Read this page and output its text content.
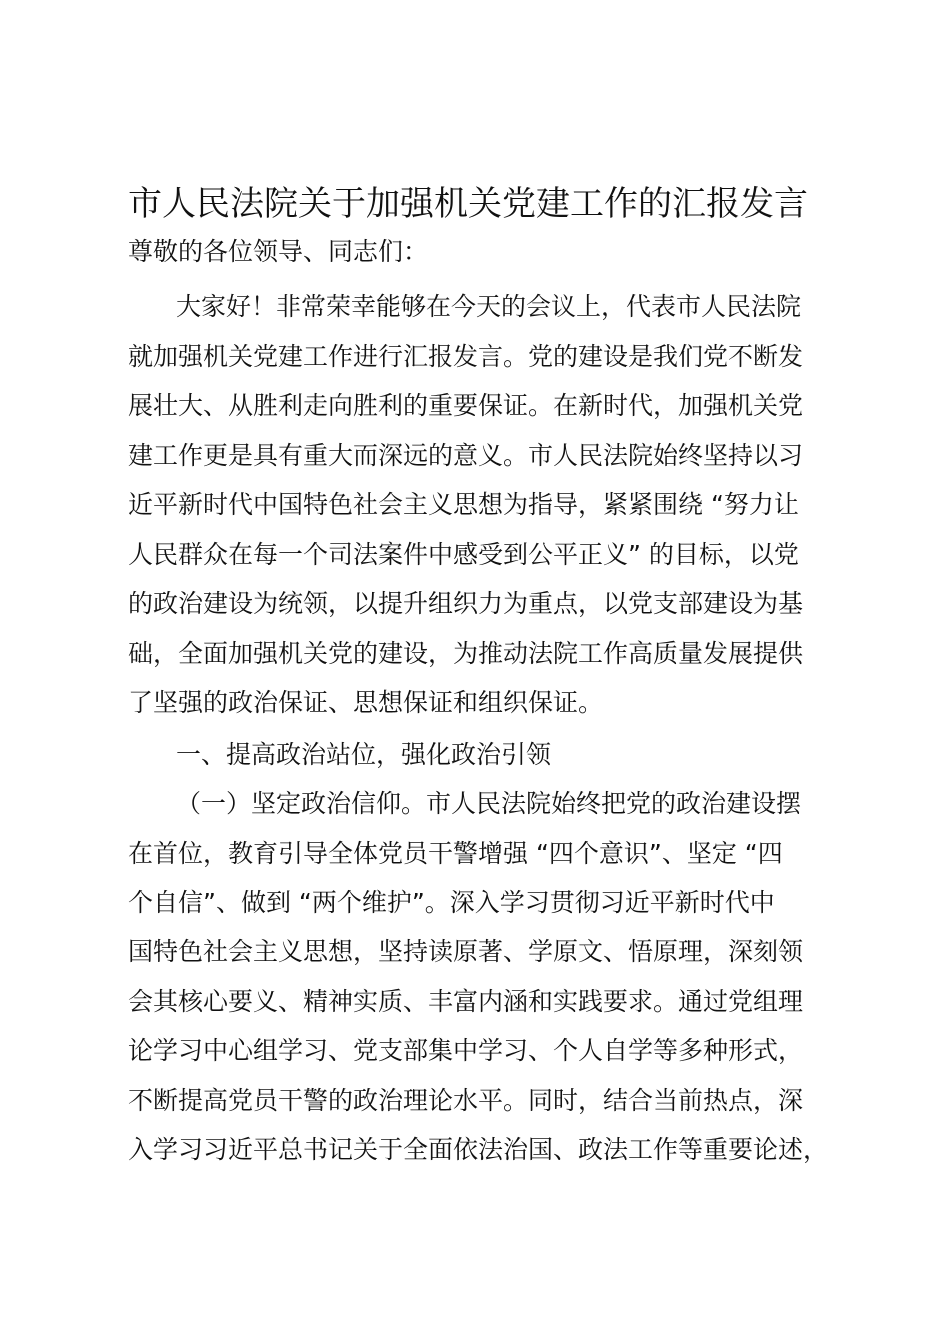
市人民法院关于加强机关党建工作的汇报发言
尊敬的各位领导、同志们：
大家好！非常荣幸能够在今天的会议上，代表市人民法院
就加强机关党建工作进行汇报发言。党的建设是我们党不断发
展壮大、从胜利走向胜利的重要保证。在新时代，加强机关党
建工作更是具有重大而深远的意义。市人民法院始终坚持以习
近平新时代中国特色社会主义思想为指导，紧紧围绕 “努力让
人民群众在每一个司法案件中感受到公平正义” 的目标，以党
的政治建设为统领，以提升组织力为重点，以党支部建设为基
础，全面加强机关党的建设，为推动法院工作高质量发展提供
了坚强的政治保证、思想保证和组织保证。
一、提高政治站位，强化政治引领
（一）坚定政治信仰。市人民法院始终把党的政治建设摆
在首位，教育引导全体党员干警增强 “四个意识”、坚定 “四
个自信”、做到 “两个维护”。深入学习贯彻习近平新时代中
国特色社会主义思想，坚持读原著、学原文、悟原理，深刻领
会其核心要义、精神实质、丰富内涵和实践要求。通过党组理
论学习中心组学习、党支部集中学习、个人自学等多种形式，
不断提高党员干警的政治理论水平。同时，结合当前热点，深
入学习习近平总书记关于全面依法治国、政法工作等重要论述，
